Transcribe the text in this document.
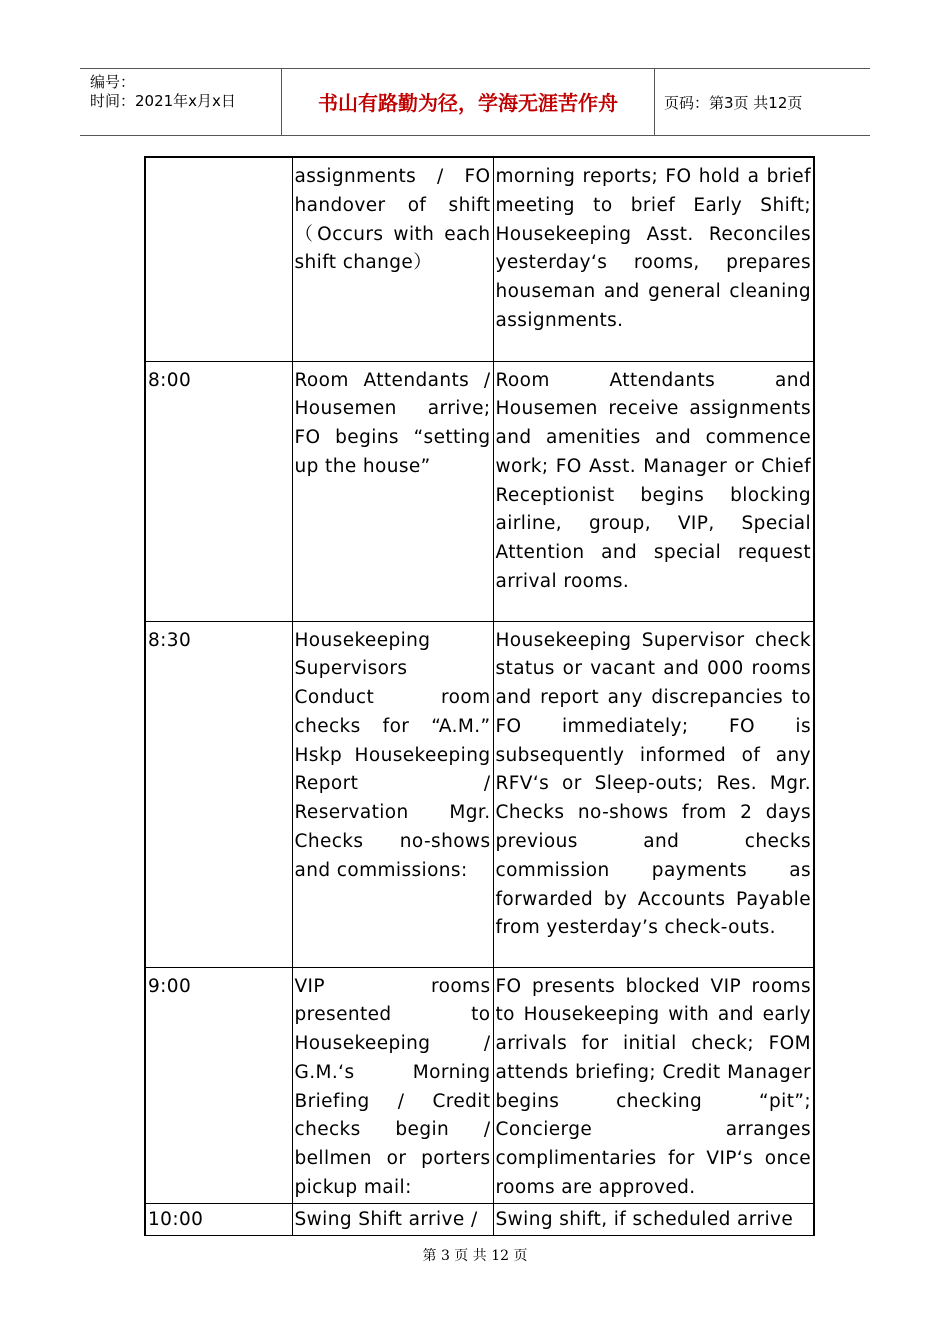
编号：
时间：2021年x月x日	书山有路勤为径，学海无涯苦作舟	页码：第3页 共12页
	assignments / FO handover of shift （Occurs with each shift change）	morning reports; FO hold a brief meeting to brief Early Shift; Housekeeping Asst. Reconciles yesterday‘s rooms, prepares houseman and general cleaning assignments.
8:00	Room Attendants / Housemen arrive; FO begins “setting up the house”	Room Attendants and Housemen receive assignments and amenities and commence work; FO Asst. Manager or Chief Receptionist begins blocking airline, group, VIP, Special Attention and special request arrival rooms.
8:30	Housekeeping Supervisors Conduct room checks for “A.M.” Hskp Housekeeping Report / Reservation Mgr. Checks no-shows and commissions:	Housekeeping Supervisor check status or vacant and 000 rooms and report any discrepancies to FO immediately; FO is subsequently informed of any RFV‘s or Sleep-outs; Res. Mgr. Checks no-shows from 2 days previous and checks commission payments as forwarded by Accounts Payable from yesterday’s check-outs.
9:00	VIP rooms presented to Housekeeping / G.M.‘s Morning Briefing / Credit checks begin / bellmen or porters pickup mail:	FO presents blocked VIP rooms to Housekeeping with and early arrivals for initial check; FOM attends briefing; Credit Manager begins checking “pit”; Concierge arranges complimentaries for VIP‘s once rooms are approved.
10:00	Swing Shift arrive /	Swing shift, if scheduled arrive
第 3 页 共 12 页
